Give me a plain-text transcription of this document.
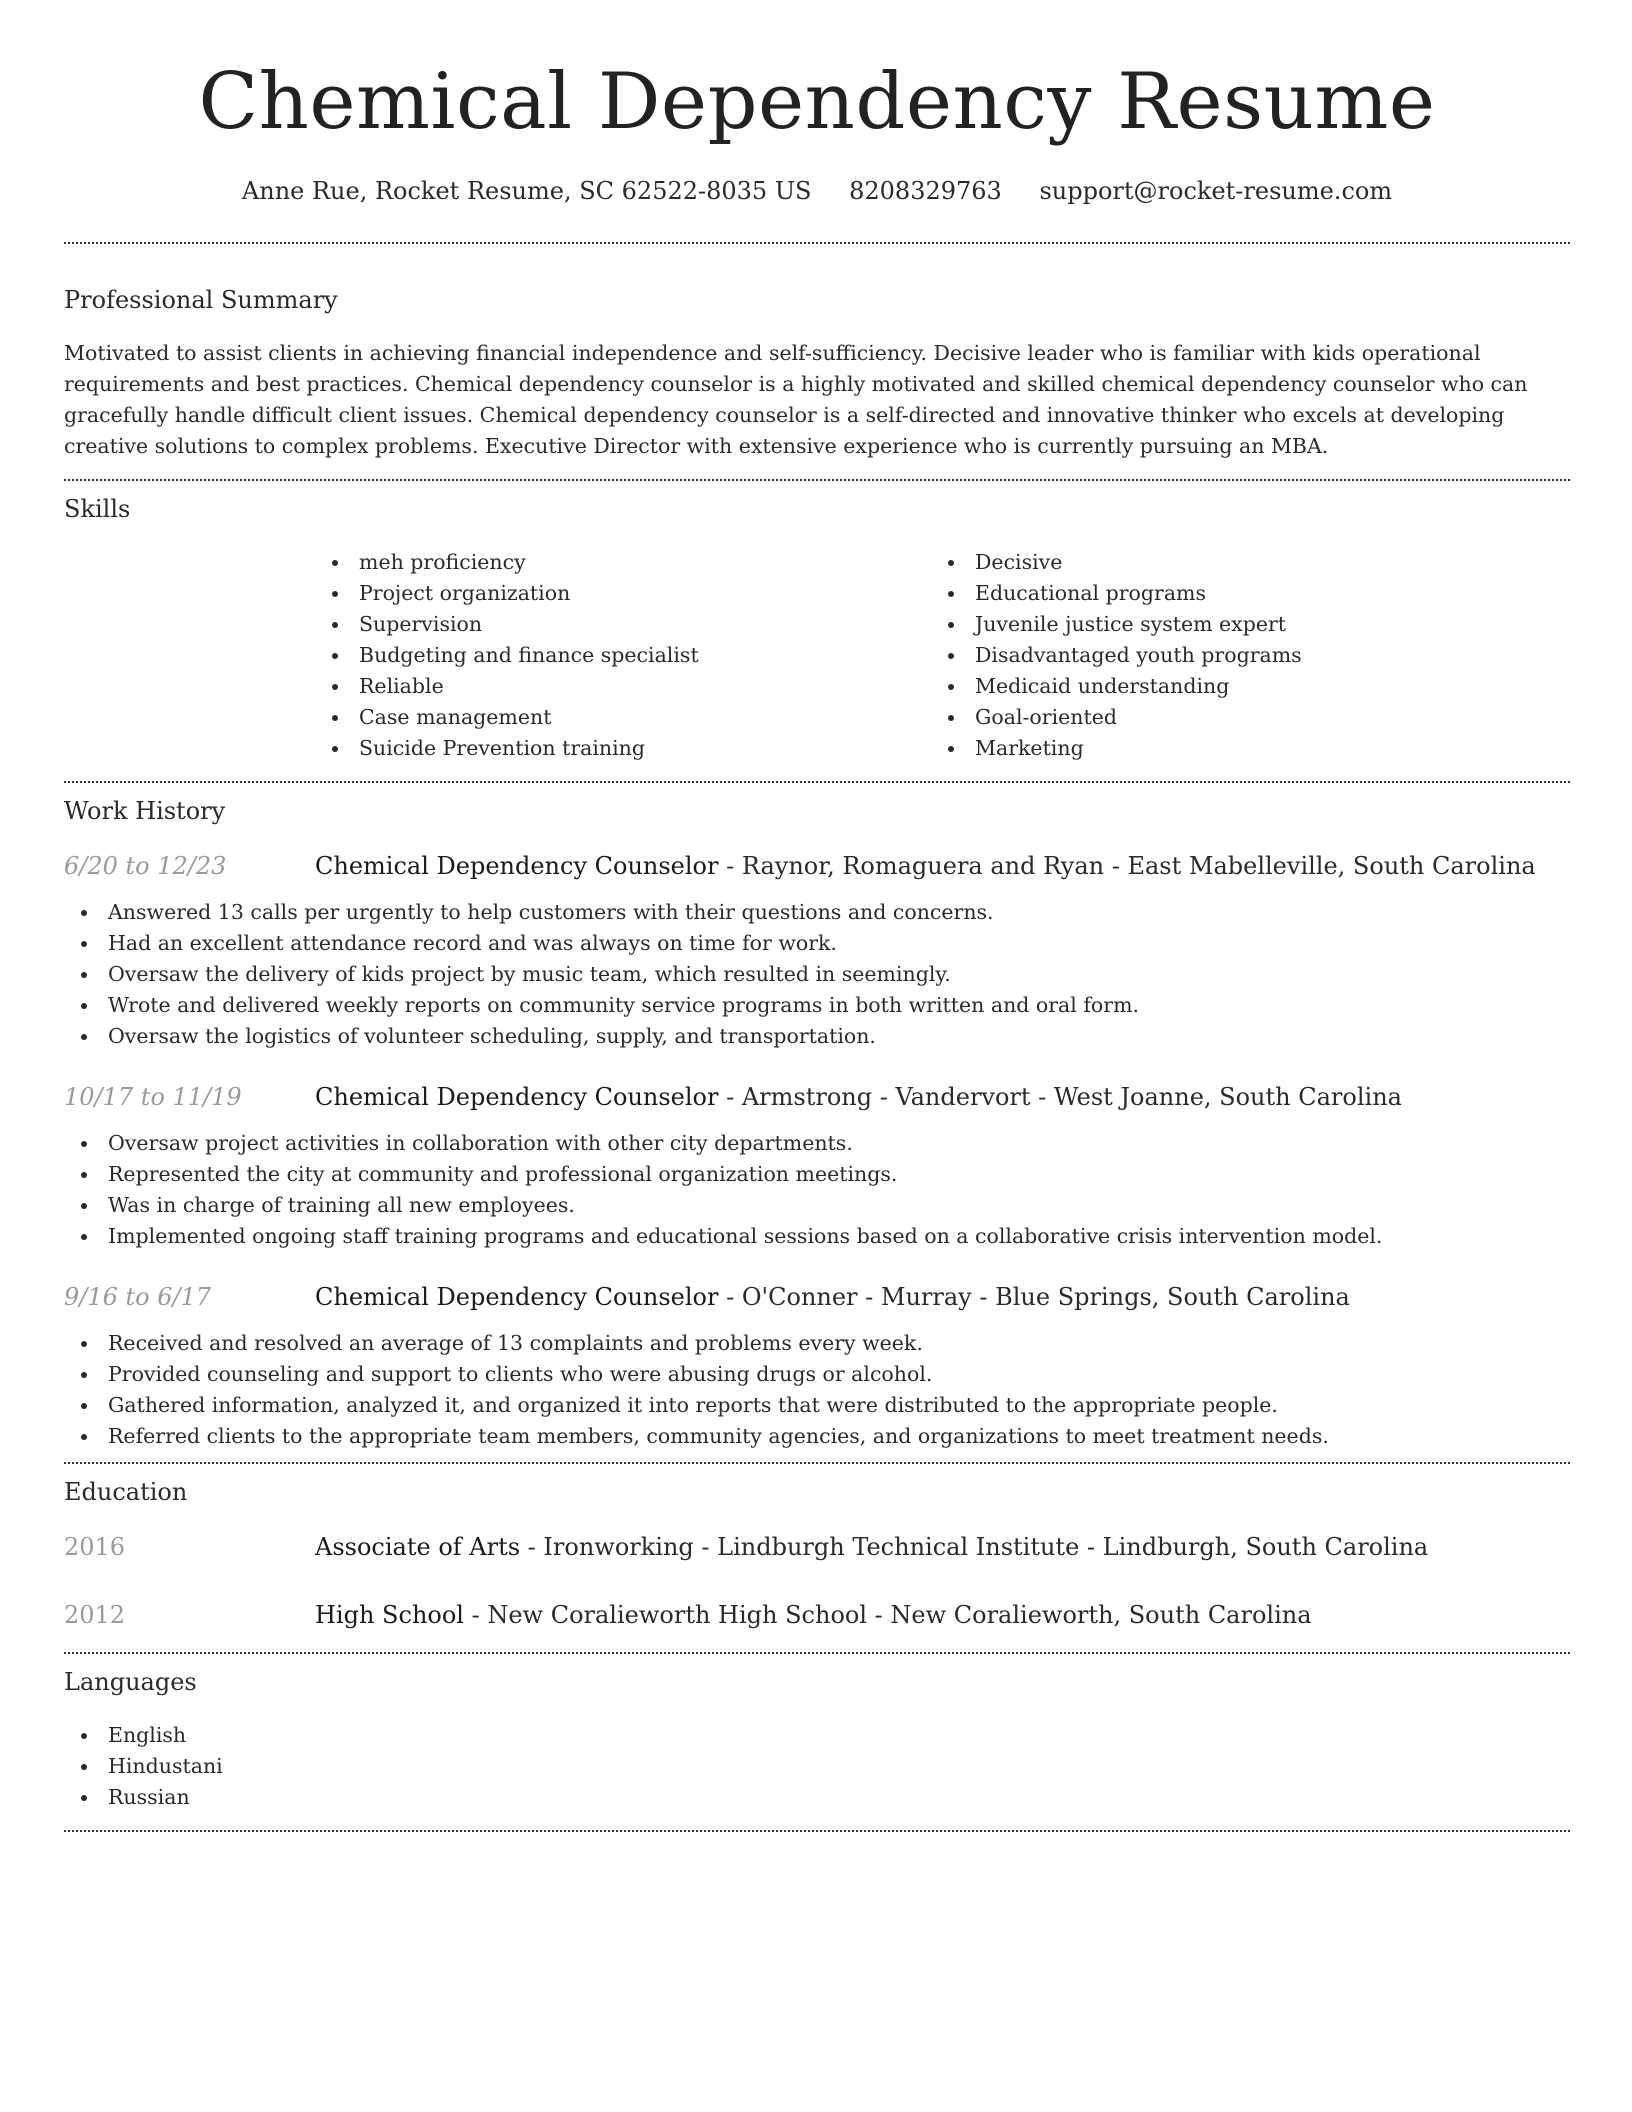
Chemical Dependency Resume
Anne Rue, Rocket Resume, SC 62522-8035 US 8208329763 support@rocket-resume.com
Professional Summary

Motivated to assist clients in achieving financial independence and self-sufficiency. Decisive leader who is familiar with kids operational requirements and best practices. Chemical dependency counselor is a highly motivated and skilled chemical dependency counselor who can gracefully handle difficult client issues. Chemical dependency counselor is a self-directed and innovative thinker who excels at developing creative solutions to complex problems. Executive Director with extensive experience who is currently pursuing an MBA.

Skills
meh proficiency
Project organization
Supervision
Budgeting and finance specialist
Reliable
Case management
Suicide Prevention training
Decisive
Educational programs
Juvenile justice system expert
Disadvantaged youth programs
Medicaid understanding
Goal-oriented
Marketing
Work History
6/20 to 12/23	Chemical Dependency Counselor - Raynor, Romaguera and Ryan - East Mabelleville, South Carolina
Answered 13 calls per urgently to help customers with their questions and concerns.
Had an excellent attendance record and was always on time for work.
Oversaw the delivery of kids project by music team, which resulted in seemingly.
Wrote and delivered weekly reports on community service programs in both written and oral form.
Oversaw the logistics of volunteer scheduling, supply, and transportation.
10/17 to 11/19	Chemical Dependency Counselor - Armstrong - Vandervort - West Joanne, South Carolina
Oversaw project activities in collaboration with other city departments.
Represented the city at community and professional organization meetings.
Was in charge of training all new employees.
Implemented ongoing staff training programs and educational sessions based on a collaborative crisis intervention model.
9/16 to 6/17	Chemical Dependency Counselor - O'Conner - Murray - Blue Springs, South Carolina
Received and resolved an average of 13 complaints and problems every week.
Provided counseling and support to clients who were abusing drugs or alcohol.
Gathered information, analyzed it, and organized it into reports that were distributed to the appropriate people.
Referred clients to the appropriate team members, community agencies, and organizations to meet treatment needs.
Education
2016	Associate of Arts - Ironworking - Lindburgh Technical Institute - Lindburgh, South Carolina
2012	High School - New Coralieworth High School - New Coralieworth, South Carolina
Languages
English
Hindustani
Russian
